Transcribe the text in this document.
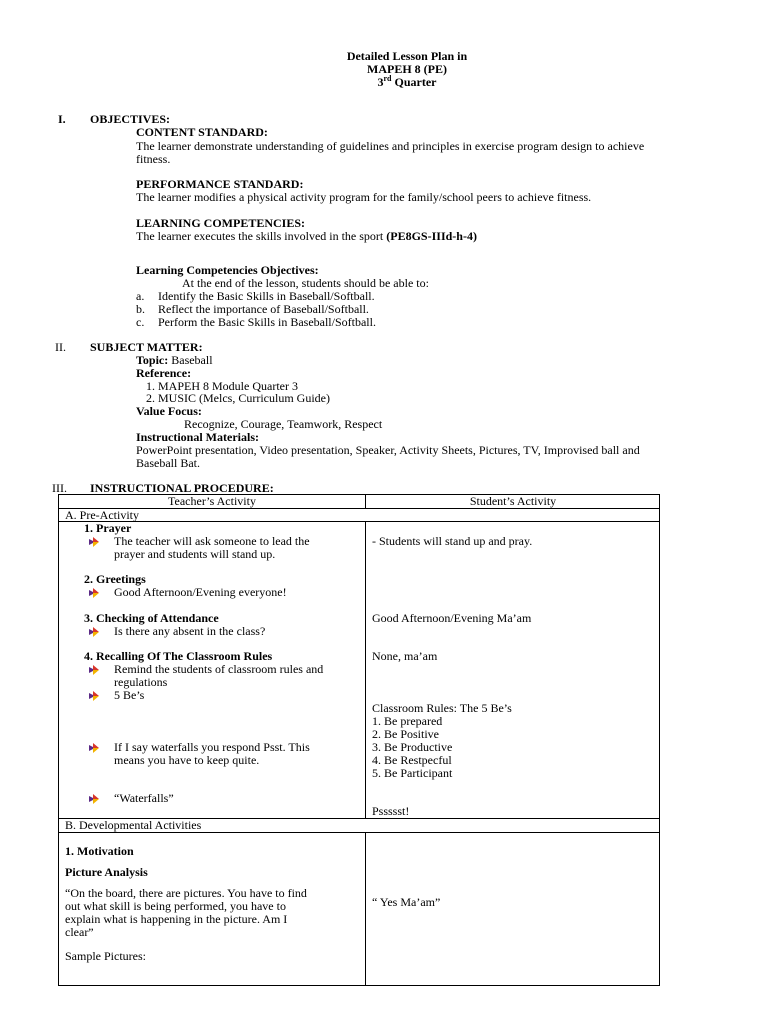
Detailed Lesson Plan in
MAPEH 8 (PE)
3rd Quarter
I. OBJECTIVES:
CONTENT STANDARD:
The learner demonstrate understanding of guidelines and principles in exercise program design to achieve
fitness.
PERFORMANCE STANDARD:
The learner modifies a physical activity program for the family/school peers to achieve fitness.
LEARNING COMPETENCIES:
The learner executes the skills involved in the sport (PE8GS-IIId-h-4)
Learning Competencies Objectives:
At the end of the lesson, students should be able to:
a. Identify the Basic Skills in Baseball/Softball.
b. Reflect the importance of Baseball/Softball.
c. Perform the Basic Skills in Baseball/Softball.
II. SUBJECT MATTER:
Topic: Baseball
Reference:
1. MAPEH 8 Module Quarter 3
2. MUSIC (Melcs, Curriculum Guide)
Value Focus:
Recognize, Courage, Teamwork, Respect
Instructional Materials:
PowerPoint presentation, Video presentation, Speaker, Activity Sheets, Pictures, TV, Improvised ball and
Baseball Bat.
III. INSTRUCTIONAL PROCEDURE:
Teacher’s Activity	Student’s Activity
A. Pre-Activity
1. Prayer
The teacher will ask someone to lead the
prayer and students will stand up.
- Students will stand up and pray.
2. Greetings
Good Afternoon/Evening everyone!
3. Checking of Attendance
Is there any absent in the class?
Good Afternoon/Evening Ma’am
4. Recalling Of The Classroom Rules
Remind the students of classroom rules and
regulations
5 Be’s
None, ma’am
Classroom Rules: The 5 Be’s
1. Be prepared
2. Be Positive
3. Be Productive
4. Be Restpecful
5. Be Participant
If I say waterfalls you respond Psst. This
means you have to keep quite.
“Waterfalls”
Pssssst!
B. Developmental Activities
1. Motivation
Picture Analysis
“On the board, there are pictures. You have to find
out what skill is being performed, you have to
explain what is happening in the picture. Am I
clear”
Sample Pictures:
“ Yes Ma’am”
